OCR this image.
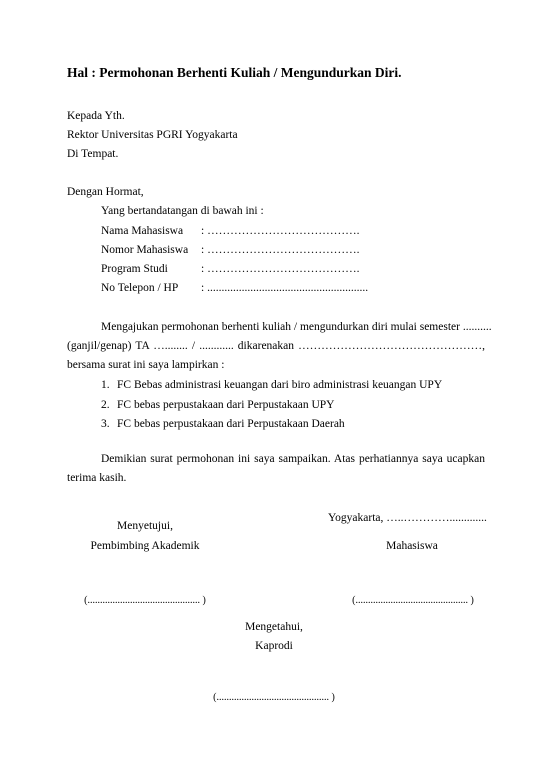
Hal : Permohonan Berhenti Kuliah / Mengundurkan Diri.
Kepada Yth.
Rektor Universitas PGRI Yogyakarta
Di Tempat.
Dengan Hormat,
Yang bertandatangan di bawah ini :
Nama Mahasiswa : ………………………………….
Nomor Mahasiswa : ………………………………….
Program Studi	: ………………………………….
No Telepon / HP : ........................................................
Mengajukan permohonan berhenti kuliah / mengundurkan diri mulai semester ..........
(ganjil/genap) TA …........ / ............ dikarenakan …………………………………………,
bersama surat ini saya lampirkan :
1. FC Bebas administrasi keuangan dari biro administrasi keuangan UPY
2. FC bebas perpustakaan dari Perpustakaan UPY
3. FC bebas perpustakaan dari Perpustakaan Daerah
Demikian surat permohonan ini saya sampaikan. Atas perhatiannya saya ucapkan
terima kasih.
Yogyakarta, …..………….............
Menyetujui,
Pembimbing Akademik	Mahasiswa
(............................................. )	(............................................. )
Mengetahui,
Kaprodi
(............................................. )
